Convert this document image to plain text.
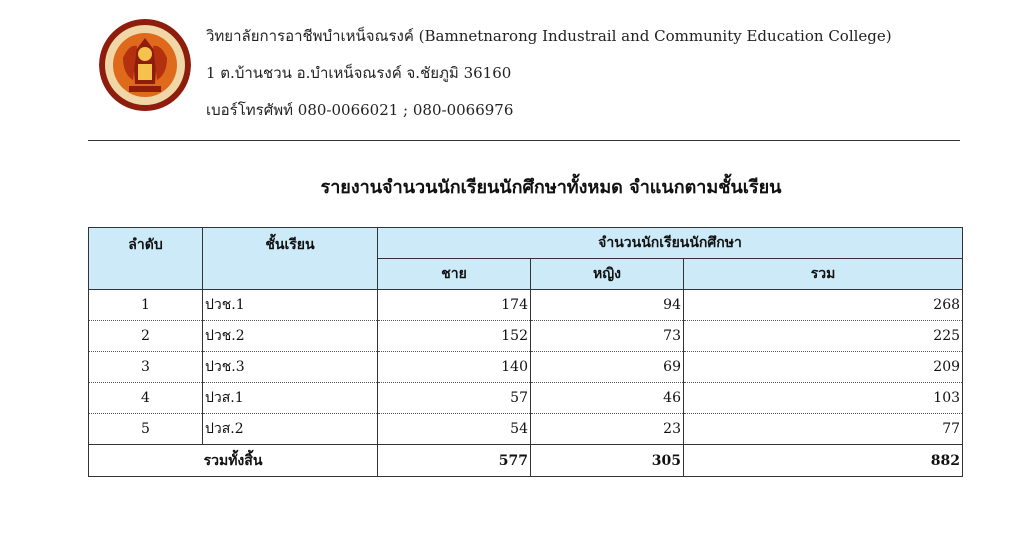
วิทยาลัยการอาชีพบำเหน็จณรงค์ (Bamnetnarong Industrail and Community Education College)
1 ต.บ้านชวน อ.บำเหน็จณรงค์ จ.ชัยภูมิ 36160
เบอร์โทรศัพท์ 080-0066021 ; 080-0066976
รายงานจำนวนนักเรียนนักศึกษาทั้งหมด จำแนกตามชั้นเรียน
ลำดับ	ชั้นเรียน	จำนวนนักเรียนนักศึกษา		
		ชาย	หญิง	รวม
1	ปวช.1	174	94	268
2	ปวช.2	152	73	225
3	ปวช.3	140	69	209
4	ปวส.1	57	46	103
5	ปวส.2	54	23	77
รวมทั้งสิ้น		577	305	882
